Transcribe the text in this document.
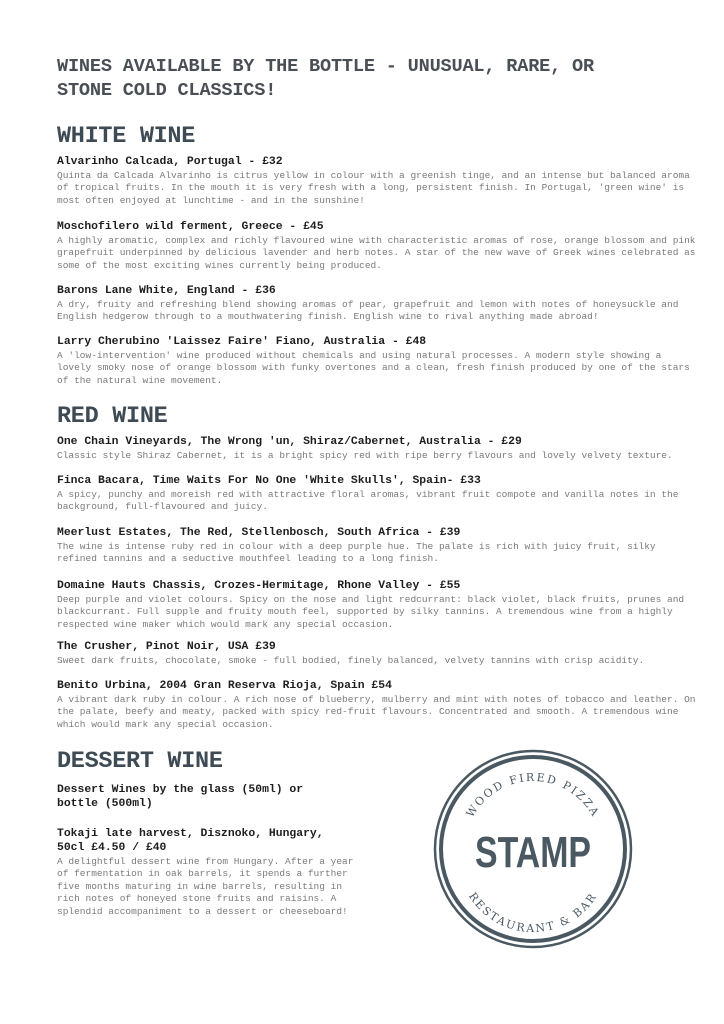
WINES AVAILABLE BY THE BOTTLE - UNUSUAL, RARE, OR STONE COLD CLASSICS!
WHITE WINE
Alvarinho Calcada, Portugal - £32
Quinta da Calcada Alvarinho is citrus yellow in colour with a greenish tinge, and an intense but balanced aroma of tropical fruits. In the mouth it is very fresh with a long, persistent finish. In Portugal, 'green wine' is most often enjoyed at lunchtime - and in the sunshine!
Moschofilero wild ferment, Greece - £45
A highly aromatic, complex and richly flavoured wine with characteristic aromas of rose, orange blossom and pink grapefruit underpinned by delicious lavender and herb notes. A star of the new wave of Greek wines celebrated as some of the most exciting wines currently being produced.
Barons Lane White, England - £36
A dry, fruity and refreshing blend showing aromas of pear, grapefruit and lemon with notes of honeysuckle and English hedgerow through to a mouthwatering finish. English wine to rival anything made abroad!
Larry Cherubino 'Laissez Faire' Fiano, Australia - £48
A 'low-intervention' wine produced without chemicals and using natural processes. A modern style showing a lovely smoky nose of orange blossom with funky overtones and a clean, fresh finish produced by one of the stars of the natural wine movement.
RED WINE
One Chain Vineyards, The Wrong 'un, Shiraz/Cabernet, Australia - £29
Classic style Shiraz Cabernet, it is a bright spicy red with ripe berry flavours and lovely velvety texture.
Finca Bacara, Time Waits For No One 'White Skulls', Spain- £33
A spicy, punchy and moreish red with attractive floral aromas, vibrant fruit compote and vanilla notes in the background, full-flavoured and juicy.
Meerlust Estates, The Red, Stellenbosch, South Africa - £39
The wine is intense ruby red in colour with a deep purple hue. The palate is rich with juicy fruit, silky refined tannins and a seductive mouthfeel leading to a long finish.
Domaine Hauts Chassis, Crozes-Hermitage, Rhone Valley - £55
Deep purple and violet colours. Spicy on the nose and light redcurrant: black violet, black fruits, prunes and blackcurrant. Full supple and fruity mouth feel, supported by silky tannins. A tremendous wine from a highly respected wine maker which would mark any special occasion.
The Crusher, Pinot Noir, USA £39
Sweet dark fruits, chocolate, smoke - full bodied, finely balanced, velvety tannins with crisp acidity.
Benito Urbina, 2004 Gran Reserva Rioja, Spain £54
A vibrant dark ruby in colour. A rich nose of blueberry, mulberry and mint with notes of tobacco and leather. On the palate, beefy and meaty, packed with spicy red-fruit flavours. Concentrated and smooth. A tremendous wine which would mark any special occasion.
DESSERT WINE
Dessert Wines by the glass (50ml) or bottle (500ml)
Tokaji late harvest, Disznoko, Hungary, 50cl £4.50 / £40
A delightful dessert wine from Hungary. After a year of fermentation in oak barrels, it spends a further five months maturing in wine barrels, resulting in rich notes of honeyed stone fruits and raisins. A splendid accompaniment to a dessert or cheeseboard!
WOOD FIRED PIZZA
STAMP
RESTAURANT & BAR
